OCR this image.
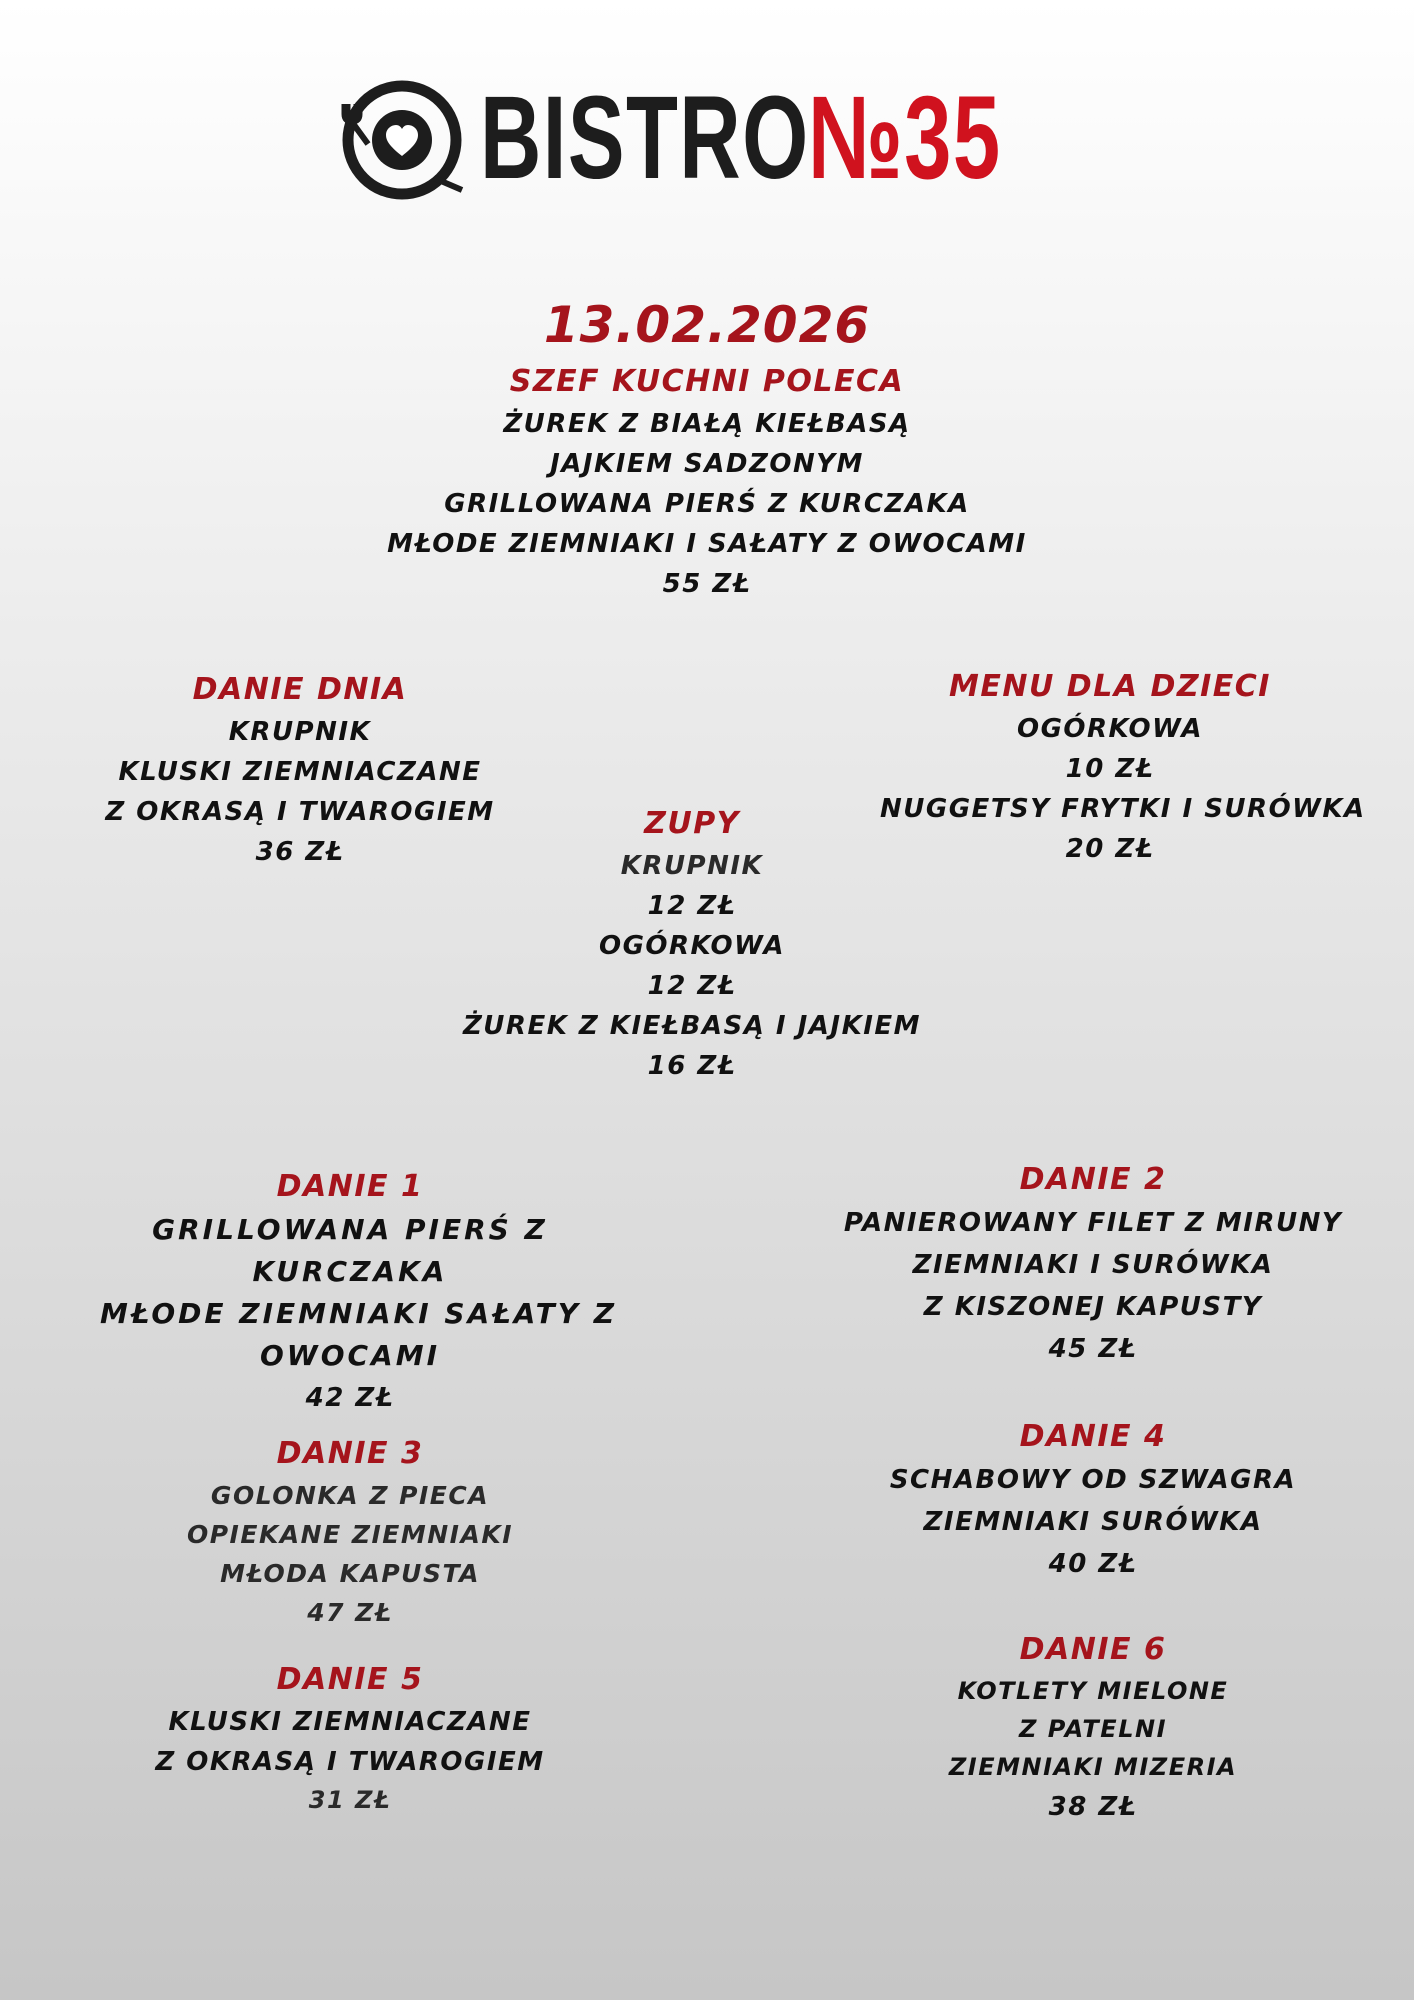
BISTRO
№35
13.02.2026
SZEF KUCHNI POLECA
ŻUREK Z BIAŁĄ KIEŁBASĄ
JAJKIEM SADZONYM
GRILLOWANA PIERŚ Z KURCZAKA
MŁODE ZIEMNIAKI I SAŁATY Z OWOCAMI
55 ZŁ
DANIE DNIA
KRUPNIK
KLUSKI ZIEMNIACZANE
Z OKRASĄ I TWAROGIEM
36 ZŁ
MENU DLA DZIECI
OGÓRKOWA
10 ZŁ
NUGGETSY FRYTKI I SURÓWKA
20 ZŁ
ZUPY
KRUPNIK
12 ZŁ
OGÓRKOWA
12 ZŁ
ŻUREK Z KIEŁBASĄ I JAJKIEM
16 ZŁ
DANIE 1
GRILLOWANA PIERŚ Z
KURCZAKA
MŁODE ZIEMNIAKI SAŁATY Z
OWOCAMI
42 ZŁ
DANIE 3
GOLONKA Z PIECA
OPIEKANE ZIEMNIAKI
MŁODA KAPUSTA
47 ZŁ
DANIE 5
KLUSKI ZIEMNIACZANE
Z OKRASĄ I TWAROGIEM
31 ZŁ
DANIE 2
PANIEROWANY FILET Z MIRUNY
ZIEMNIAKI I SURÓWKA
Z KISZONEJ KAPUSTY
45 ZŁ
DANIE 4
SCHABOWY OD SZWAGRA
ZIEMNIAKI SURÓWKA
40 ZŁ
DANIE 6
KOTLETY MIELONE
Z PATELNI
ZIEMNIAKI MIZERIA
38 ZŁ
